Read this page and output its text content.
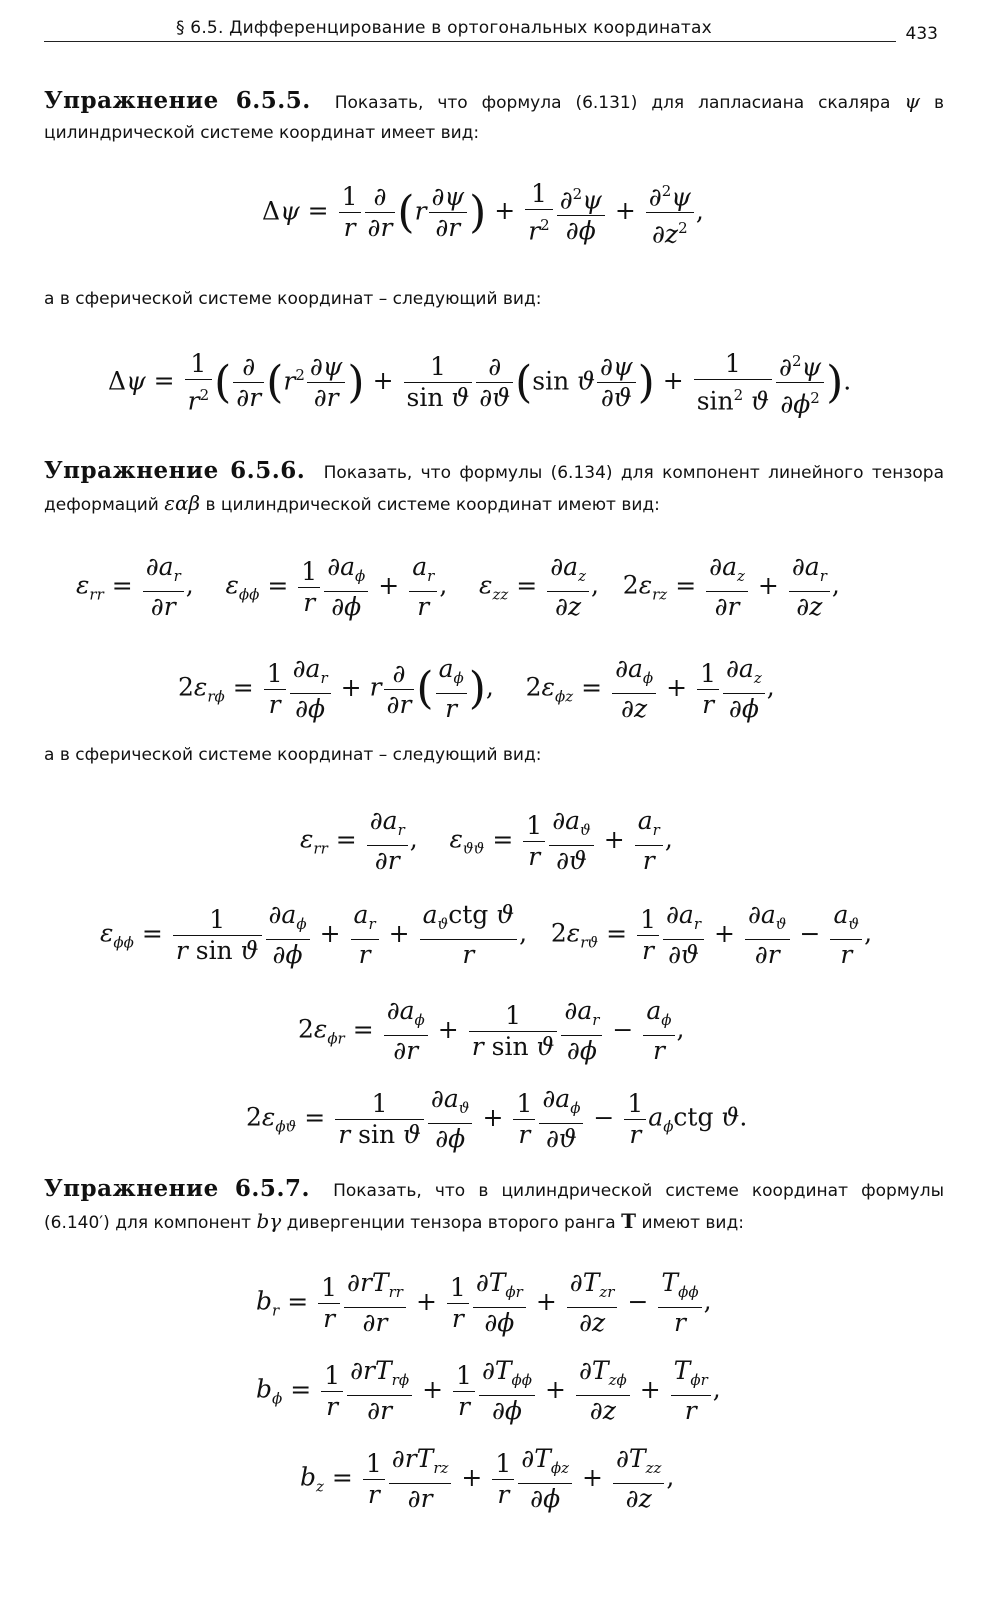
§ 6.5. Дифференцирование в ортогональных координатах	433
Упражнение 6.5.5. Показать, что формула (6.131) для лапласиана скаляра ψ в цилиндрической системе координат имеет вид:
$\Delta\psi = \frac{1}{r} \frac{\partial}{\partial r} (r \frac{\partial\psi}{\partial r}$ ) + $\frac{1}{r^2} \frac{\partial^2\psi}{\partial\phi} + \frac{\partial^2\psi}{\partial z^2}$ ,
а в сферической системе координат – следующий вид:
$\Delta\psi = \frac{1}{r^2}$ ( $\frac{\partial}{\partial r} (r^2 \frac{\partial\psi}{\partial r}$ ) + $\frac{1}{\text{sin ϑ}} \frac{\partial}{\partial ϑ} (\sin$ ϑ $\frac{\partial\psi}{\partial ϑ}$ ) + $\frac{1}{\sin^2 ϑ} \frac{\partial^2\psi}{\partial\phi^2}$ ).
Упражнение 6.5.6. Показать, что формулы (6.134) для компонент линейного тензора деформаций εαβ в цилиндрической системе координат имеют вид:
$\varepsilon_{rr} = \frac{\partial a_r}{\partial r}$ ,    $\varepsilon_{\phi\phi} = \frac{1}{r} \frac{\partial a_\phi}{\partial\phi} + \frac{a_r}{r}$ ,    $\varepsilon_{zz} = \frac{\partial a_z}{\partial z}$ , $2\varepsilon_{rz} = \frac{\partial a_z}{\partial r} + \frac{\partial a_r}{\partial z}$ ,
$2\varepsilon_{r\phi} = \frac{1}{r} \frac{\partial a_r}{\partial\phi} + r \frac{\partial}{\partial r}$ ( $\frac{a_\phi}{r}$ ), $2\varepsilon_{\phi z} = \frac{\partial a_\phi}{\partial z} + \frac{1}{r} \frac{\partial a_z}{\partial\phi}$ ,
а в сферической системе координат – следующий вид:
$\varepsilon_{rr} = \frac{\partial a_r}{\partial r}$ ,    $\varepsilon_{ϑϑ} = \frac{1}{r} \frac{\partial a_ϑ}{\partial ϑ} + \frac{a_r}{r}$ ,
$\varepsilon_{\phi\phi} = \frac{1}{\text{r sin ϑ}} \frac{\partial a_\phi}{\partial\phi} + \frac{a_r}{r} + \frac{a_ϑctg ϑ}{r}$ , $2\varepsilon_{rϑ} = \frac{1}{r} \frac{\partial a_r}{\partial ϑ} + \frac{\partial a_ϑ}{\partial r} - \frac{a_ϑ}{r}$ ,
$2\varepsilon_{\phi r} = \frac{\partial a_\phi}{\partial r} + \frac{1}{\text{r sin ϑ}} \frac{\partial a_r}{\partial\phi} - \frac{a_\phi}{r}$ ,
$2\varepsilon_{\phi ϑ} = \frac{1}{\text{r sin ϑ}} \frac{\partial a_ϑ}{\partial\phi} + \frac{1}{r} \frac{\partial a_\phi}{\partial ϑ} - \frac{1}{r} a_\phi ctg$ ϑ.
Упражнение 6.5.7. Показать, что в цилиндрической системе координат формулы (6.140′) для компонент bγ дивергенции тензора второго ранга T имеют вид:
$b_r = \frac{1}{r} \frac{\partial rT_{rr}}{\partial r} + \frac{1}{r} \frac{\partial T_{\phi r}}{\partial\phi} + \frac{\partial T_{zr}}{\partial z} - \frac{T_{\phi\phi}}{r}$ ,
$b_\phi = \frac{1}{r} \frac{\partial rT_{r\phi}}{\partial r} + \frac{1}{r} \frac{\partial T_{\phi\phi}}{\partial\phi} + \frac{\partial T_{z\phi}}{\partial z} + \frac{T_{\phi r}}{r}$ ,
$b_z = \frac{1}{r} \frac{\partial rT_{rz}}{\partial r} + \frac{1}{r} \frac{\partial T_{\phi z}}{\partial\phi} + \frac{\partial T_{zz}}{\partial z}$ ,
